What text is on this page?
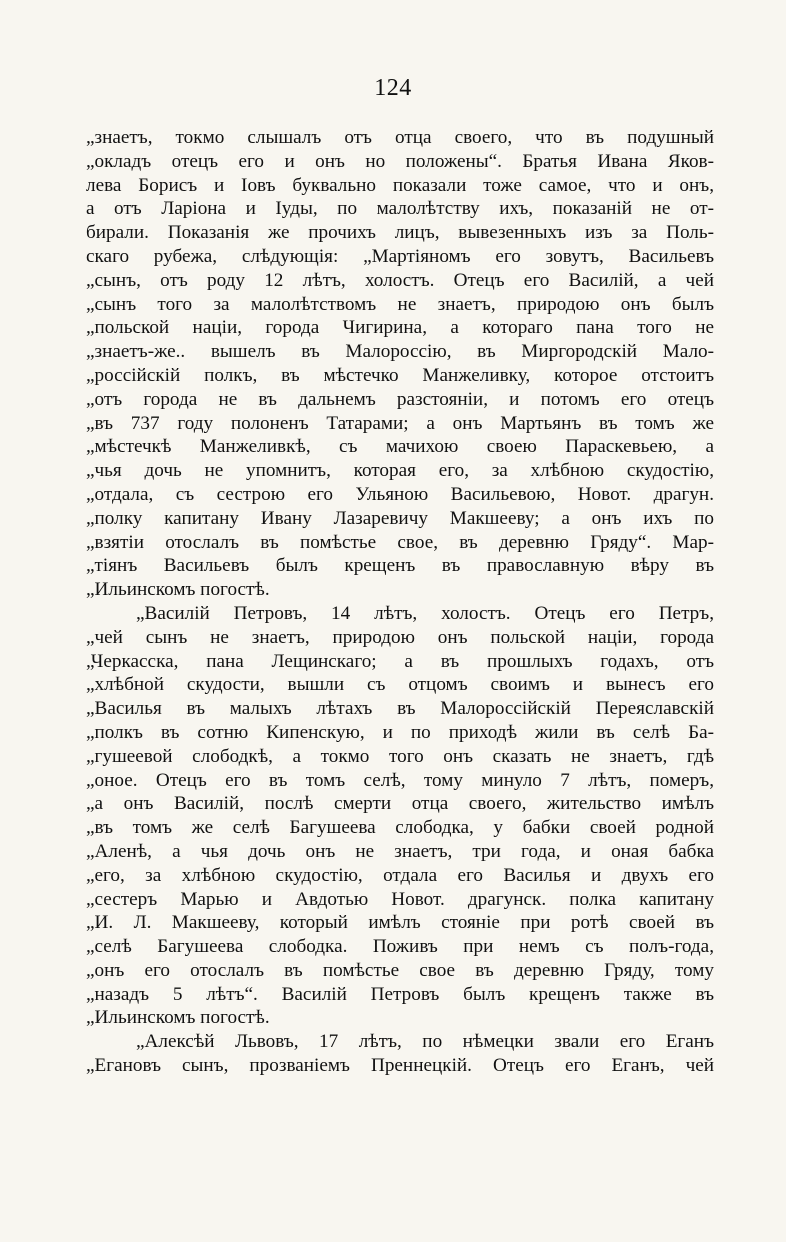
124
„знаетъ, токмо слышалъ отъ отца своего, что въ подушный
„окладъ отецъ его и онъ но положены“. Братья Ивана Яков-
лева Борисъ и Іовъ буквально показали тоже самое, что и онъ,
а отъ Ларіона и Іуды, по малолѣтству ихъ, показаній не от-
бирали. Показанія же прочихъ лицъ, вывезенныхъ изъ за Поль-
скаго рубежа, слѣдующія: „Мартіяномъ его зовутъ, Васильевъ
„сынъ, отъ роду 12 лѣтъ, холостъ. Отецъ его Василій, а чей
„сынъ того за малолѣтствомъ не знаетъ, природою онъ былъ
„польской націи, города Чигирина, а котораго пана того не
„знаетъ-же.. вышелъ въ Малороссію, въ Миргородскій Мало-
„россійскій полкъ, въ мѣстечко Манжеливку, которое отстоитъ
„отъ города не въ дальнемъ разстояніи, и потомъ его отецъ
„въ 737 году полоненъ Татарами; а онъ Мартьянъ въ томъ же
„мѣстечкѣ Манжеливкѣ, съ мачихою своею Параскевьею, а
„чья дочь не упомнитъ, которая его, за хлѣбною скудостію,
„отдала, съ сестрою его Ульяною Васильевою, Новот. драгун.
„полку капитану Ивану Лазаревичу Макшееву; а онъ ихъ по
„взятіи отослалъ въ помѣстье свое, въ деревню Гряду“. Мар-
„тіянъ Васильевъ былъ крещенъ въ православную вѣру въ
„Ильинскомъ погостѣ.
„Василій Петровъ, 14 лѣтъ, холостъ. Отецъ его Петръ,
„чей сынъ не знаетъ, природою онъ польской націи, города
„Черкасска, пана Лещинскаго; а въ прошлыхъ годахъ, отъ
„хлѣбной скудости, вышли съ отцомъ своимъ и вынесъ его
„Василья въ малыхъ лѣтахъ въ Малороссійскій Переяславскій
„полкъ въ сотню Кипенскую, и по приходѣ жили въ селѣ Ба-
„гушеевой слободкѣ, а токмо того онъ сказать не знаетъ, гдѣ
„оное. Отецъ его въ томъ селѣ, тому минуло 7 лѣтъ, померъ,
„а онъ Василій, послѣ смерти отца своего, жительство имѣлъ
„въ томъ же селѣ Багушеева слободка, у бабки своей родной
„Аленѣ, а чья дочь онъ не знаетъ, три года, и оная бабка
„его, за хлѣбною скудостію, отдала его Василья и двухъ его
„сестеръ Марью и Авдотью Новот. драгунск. полка капитану
„И. Л. Макшееву, который имѣлъ стояніе при ротѣ своей въ
„селѣ Багушеева слободка. Поживъ при немъ съ полъ-года,
„онъ его отослалъ въ помѣстье свое въ деревню Гряду, тому
„назадъ 5 лѣтъ“. Василій Петровъ былъ крещенъ также въ
„Ильинскомъ погостѣ.
„Алексѣй Львовъ, 17 лѣтъ, по нѣмецки звали его Еганъ
„Егановъ сынъ, прозваніемъ Преннецкій. Отецъ его Еганъ, чей
